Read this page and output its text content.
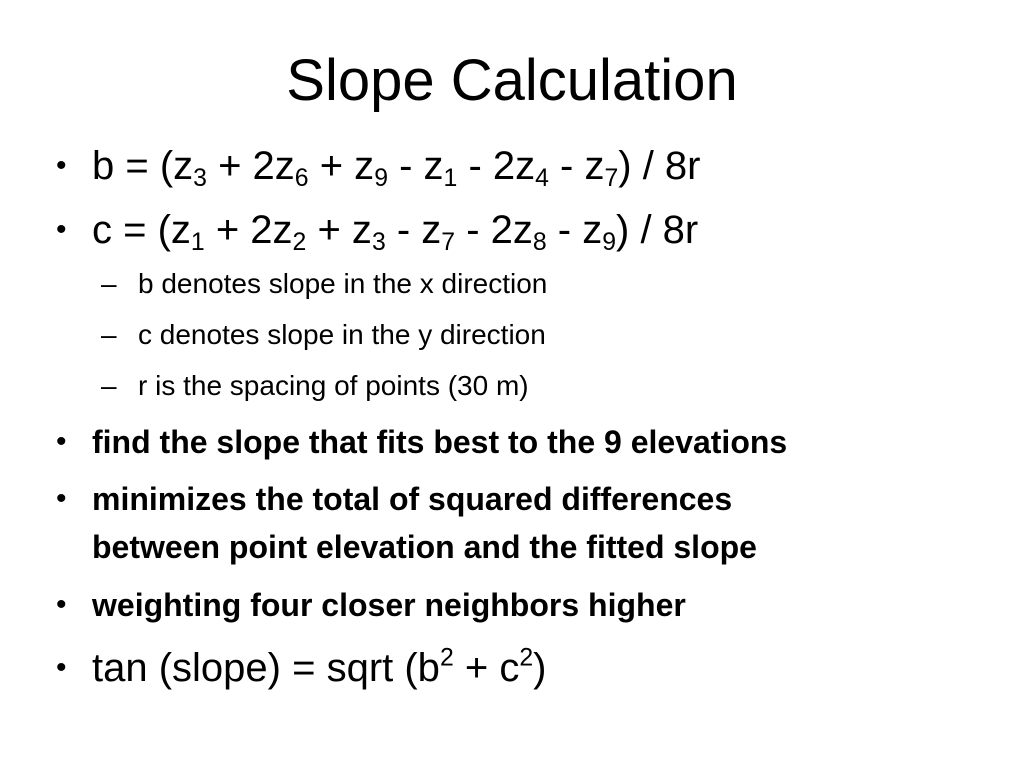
Slope Calculation
• $b = (z_3 + 2z_6 + z_9 - z_1 - 2z_4 - z_7) / 8r$
• $c = (z_1 + 2z_2 + z_3 - z_7 - 2z_8 - z_9) / 8r$
– b denotes slope in the x direction
– c denotes slope in the y direction
– r is the spacing of points (30 m)
• find the slope that fits best to the 9 elevations
• minimizes the total of squared differences
between point elevation and the fitted slope
• weighting four closer neighbors higher
• tan (slope) = sqrt $(b^2 + c^2)$
